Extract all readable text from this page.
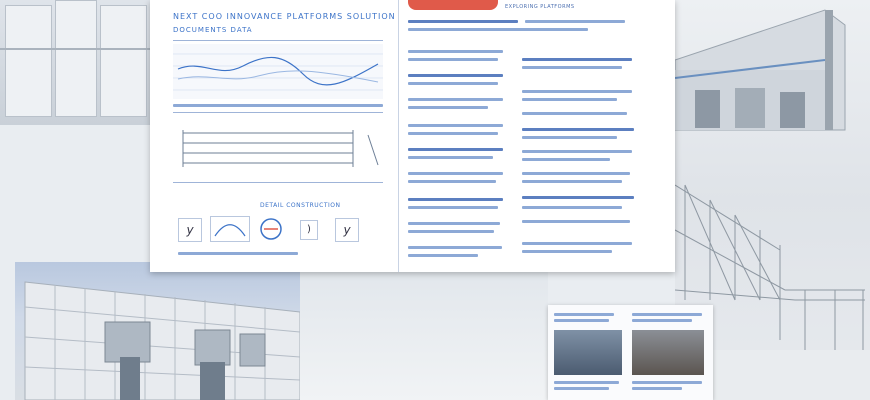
NEXT COO INNOVANCE PLATFORMS SOLUTION
DOCUMENTS DATA
DETAIL CONSTRUCTION
y	)	y
EXPLORING PLATFORMS
